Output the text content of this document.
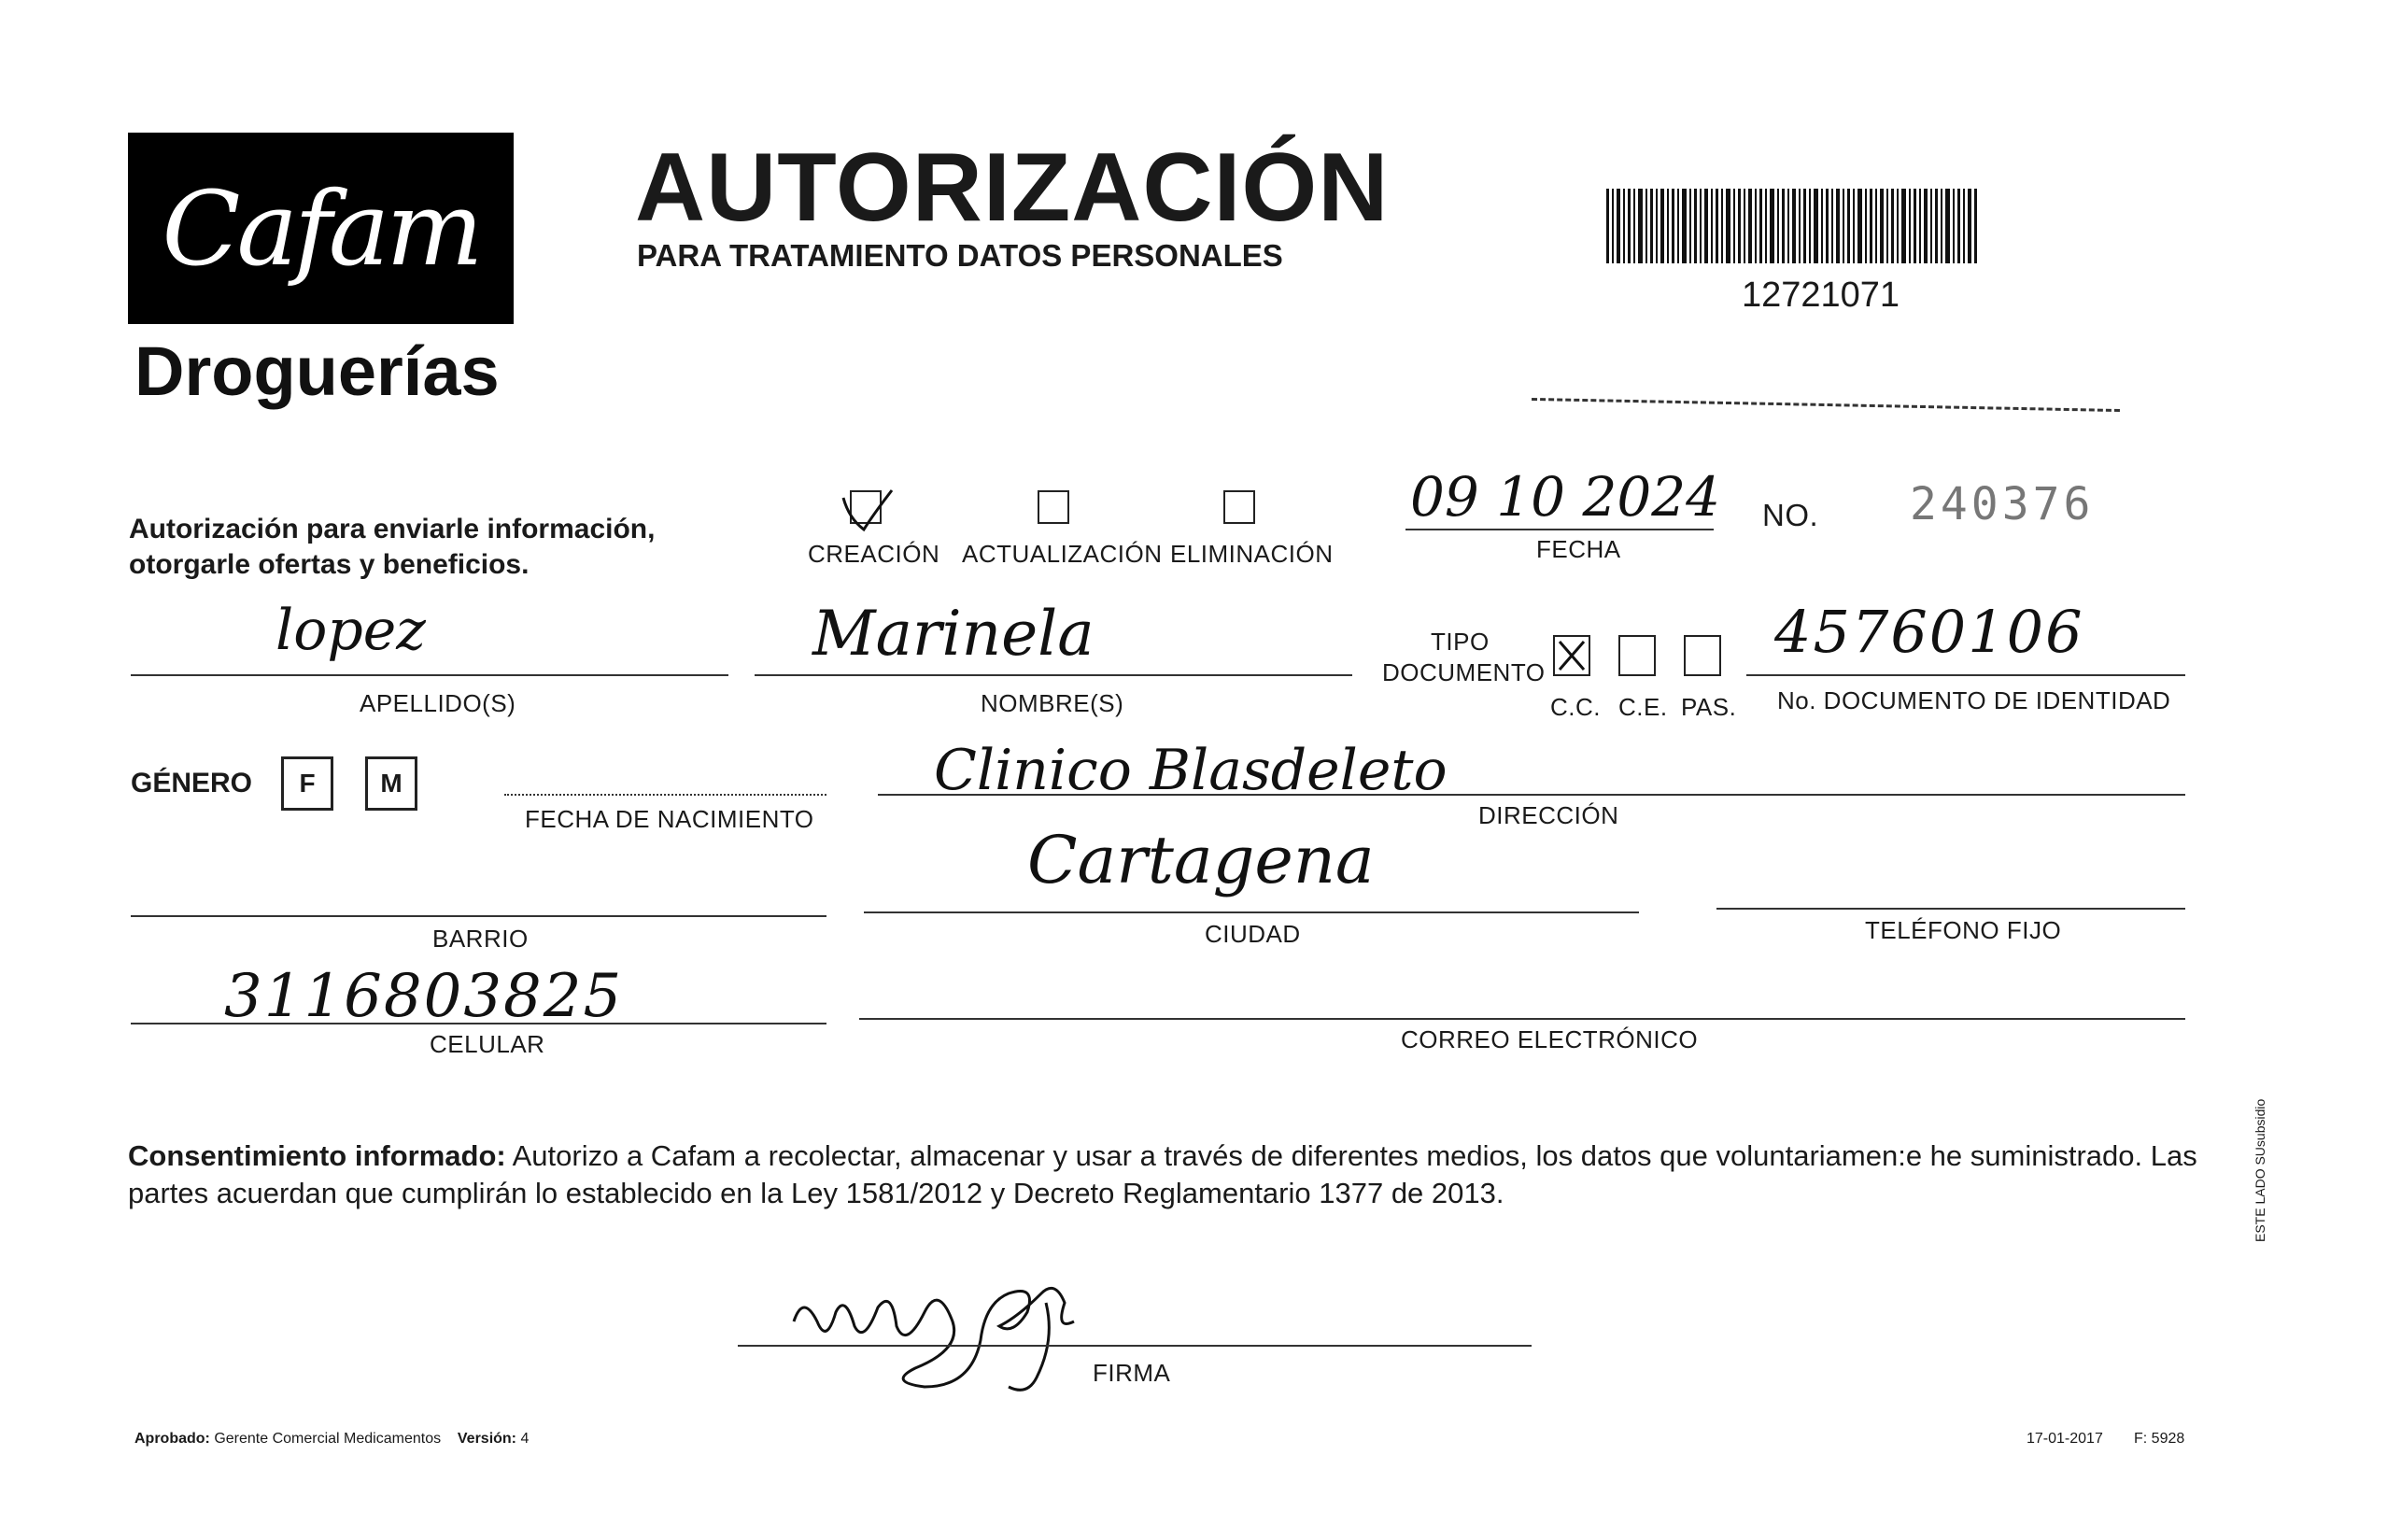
Cafam
Droguerías
AUTORIZACIÓN
PARA TRATAMIENTO DATOS PERSONALES
12721071
Autorización para enviarle información,
otorgarle ofertas y beneficios.	CREACIÓN ACTUALIZACIÓN ELIMINACIÓN
09 10 2024
FECHA
NO. 240376
lopez
APELLIDO(S)
Marinela
NOMBRE(S)
TIPO
DOCUMENTO
C.C. C.E. PAS.
45760106
No. DOCUMENTO DE IDENTIDAD
GÉNERO	F	M
FECHA DE NACIMIENTO
Clinico Blasdeleto
DIRECCIÓN
BARRIO
Cartagena
CIUDAD	TELÉFONO FIJO
3116803825
CELULAR	CORREO ELECTRÓNICO
Consentimiento informado: Autorizo a Cafam a recolectar, almacenar y usar a través de diferentes medios, los datos que voluntariamen:e he suministrado. Las partes acuerdan que cumplirán lo establecido en la Ley 1581/2012 y Decreto Reglamentario 1377 de 2013.
FIRMA
Aprobado: Gerente Comercial Medicamentos Versión: 4	17-01-2017 F: 5928
ESTE LADO SUsubsidio
